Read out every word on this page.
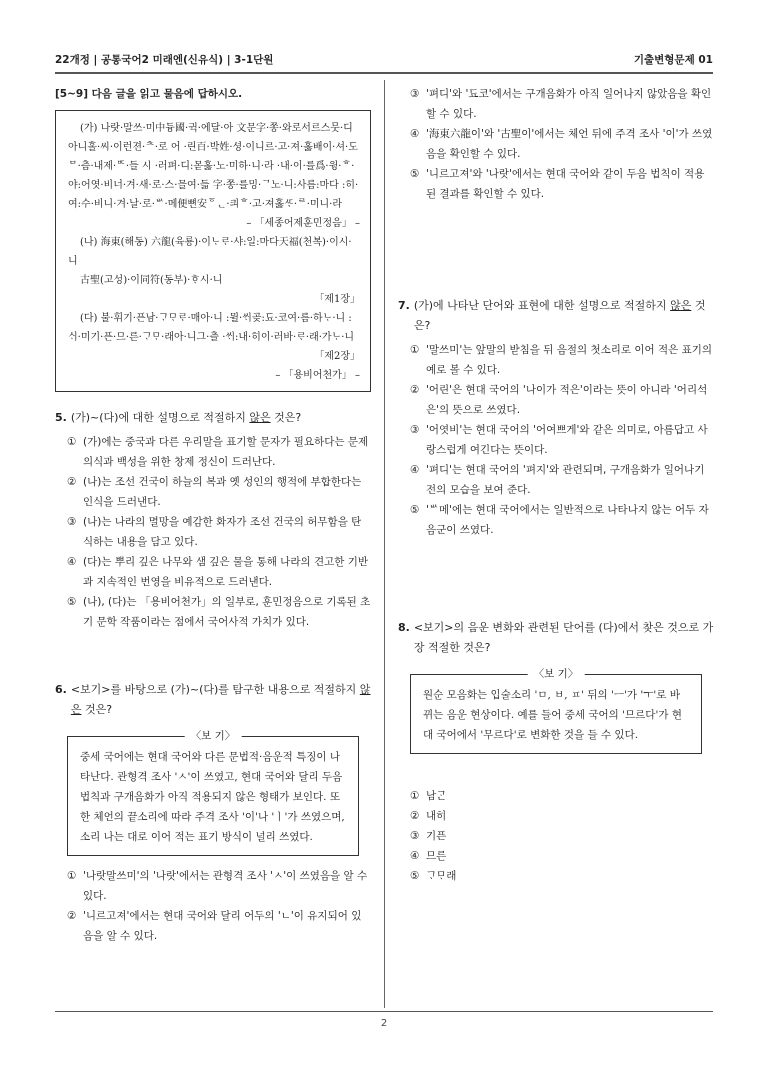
22개정 | 공통국어2 미래엔(신유식) | 3-1단원	기출변형문제 01
[5~9] 다음 글을 읽고 물음에 답하시오.

(가) 나랏·말쓰·미中듕國·귁·에달·아 文문字·쫑·와로서르스뭇·디아니홀·씨·이런젼·ᄎ·로 어 ·린百·박姓·셩·이니르·고·져·홇배이·셔·도ᄆ·츰·내제·ᄠ·들 시 ·러펴·디:몯홇·노·미하·니·라 ·내·이·를爲·윙·ᄒ·야:어엿·비너·겨·새·로·스·믈여·듧 字·쫑·를밍·ᄀ노·니:사름:마다 :히·여:수·비니·겨·날·로·ᄡ·메便뼌安ᅙᆫ·킈ᄒ·고·져홇ᄯᆞ·ᄅ·미니·라

– 「세종어제훈민정음」 –

(나) 海東(해동) 六龍(육룡)·이ᄂᆞᄅᆞ·샤:일:마다天福(천복)·이시·니

古聖(고성)·이同符(동부)·ᄒᆞ시·니

「제1장」

(다) 불·휘기·픈남·ᄀᆞᄆᆞᄅᆞ·매아·니 :뮐·ᄊᆡ곶:됴·코여·름·하ᄂᆞ·니 :ᄉᆡ·미기·픈·므·른·ᄀᆞᄆᆞ·래아·니그·츨 ·ᄊᆡ:내·히이·러바·ᄅᆞ·래·가ᄂᆞ·니

「제2장」

– 「용비어천가」 –

5. (가)~(다)에 대한 설명으로 적절하지 않은 것은?
① (가)에는 중국과 다른 우리말을 표기할 문자가 필요하다는 문제의식과 백성을 위한 창제 정신이 드러난다.
② (나)는 조선 건국이 하늘의 복과 옛 성인의 행적에 부합한다는 인식을 드러낸다.
③ (나)는 나라의 멸망을 예감한 화자가 조선 건국의 허무함을 탄식하는 내용을 담고 있다.
④ (다)는 뿌리 깊은 나무와 샘 깊은 물을 통해 나라의 견고한 기반과 지속적인 번영을 비유적으로 드러낸다.
⑤ (나), (다)는 「용비어천가」의 일부로, 훈민정음으로 기록된 초기 문학 작품이라는 점에서 국어사적 가치가 있다.
6. <보기>를 바탕으로 (가)~(다)를 탐구한 내용으로 적절하지 않은 것은?
〈보 기〉
중세 국어에는 현대 국어와 다른 문법적·음운적 특징이 나타난다. 관형격 조사 'ㅅ'이 쓰였고, 현대 국어와 달리 두음 법칙과 구개음화가 아직 적용되지 않은 형태가 보인다. 또한 체언의 끝소리에 따라 주격 조사 '이'나 'ㅣ'가 쓰였으며, 소리 나는 대로 이어 적는 표기 방식이 널리 쓰였다.
① '나랏말쓰미'의 '나랏'에서는 관형격 조사 'ㅅ'이 쓰였음을 알 수 있다.
② '니르고져'에서는 현대 국어와 달리 어두의 'ㄴ'이 유지되어 있음을 알 수 있다.
③ '펴디'와 '됴코'에서는 구개음화가 아직 일어나지 않았음을 확인할 수 있다.
④ '海東六龍이'와 '古聖이'에서는 체언 뒤에 주격 조사 '이'가 쓰였음을 확인할 수 있다.
⑤ '니르고져'와 '나랏'에서는 현대 국어와 같이 두음 법칙이 적용된 결과를 확인할 수 있다.
7. (가)에 나타난 단어와 표현에 대한 설명으로 적절하지 않은 것은?
① '말쓰미'는 앞말의 받침을 뒤 음절의 첫소리로 이어 적은 표기의 예로 볼 수 있다.
② '어린'은 현대 국어의 '나이가 적은'이라는 뜻이 아니라 '어리석은'의 뜻으로 쓰였다.
③ '어엿비'는 현대 국어의 '어여쁘게'와 같은 의미로, 아름답고 사랑스럽게 여긴다는 뜻이다.
④ '펴디'는 현대 국어의 '펴지'와 관련되며, 구개음화가 일어나기 전의 모습을 보여 준다.
⑤ 'ᄡ메'에는 현대 국어에서는 일반적으로 나타나지 않는 어두 자음군이 쓰였다.
8. <보기>의 음운 변화와 관련된 단어를 (다)에서 찾은 것으로 가장 적절한 것은?
〈보 기〉
원순 모음화는 입술소리 'ㅁ, ㅂ, ㅍ' 뒤의 'ㅡ'가 'ㅜ'로 바뀌는 음운 현상이다. 예를 들어 중세 국어의 '므르다'가 현대 국어에서 '무르다'로 변화한 것을 들 수 있다.
① 남ᄀᆞᆫ
② 내히
③ 기픈
④ 므른
⑤ ᄀᆞᄆᆞ래
2
